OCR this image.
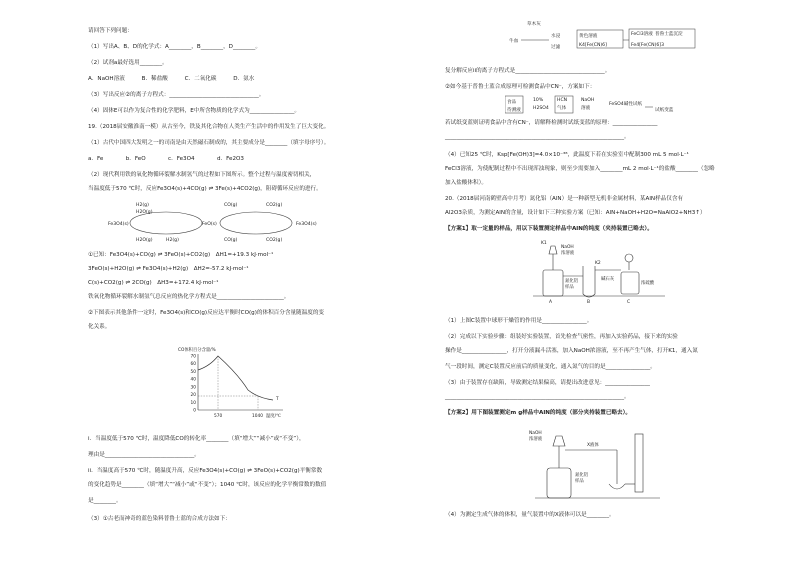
请回答下列问题：
（1）写出A、B、D的化学式：A________，B________，D________。
（2）试剂a最好选用________。
A．NaOH溶液　　　B．稀盐酸　　　C．二氧化碳　　　D．氨水
（3）写出反应②的离子方程式：________________________________。
（4）固体E可以作为复合性的化学肥料，E中所含物质的化学式为________________。
19.（2018届安徽淮南一模）从古至今，铁及其化合物在人类生产生活中的作用发生了巨大变化。
（1）古代中国四大发明之一的司南是由天然磁石制成的，其主要成分是________（填字母序号）。
a．Fe　　　　b．FeO　　　　c．Fe3O4　　　　d．Fe2O3
（2）现代利用铁的氧化物循环裂解水制氢气的过程如下图所示。整个过程与温度密切相关，
当温度低于570 ℃时，反应Fe3O4(s)+4CO(g) ⇌ 3Fe(s)+4CO2(g)，阻碍循环反应的进行。
H2(g)
H2O(g)
CO(g)	CO2(g)
Fe3O4(s)	FeO(s)	Fe3O4(s)
H2O(g)	H2(g)	CO(g)	CO2(g)
①已知：Fe3O4(s)+CO(g) ⇌ 3FeO(s)+CO2(g)　ΔH1=+19.3 kJ·mol⁻¹
3FeO(s)+H2O(g) ⇌ Fe3O4(s)+H2(g)　ΔH2=-57.2 kJ·mol⁻¹
C(s)+CO2(g) ⇌ 2CO(g)　ΔH3=+172.4 kJ·mol⁻¹
铁氧化物循环裂解水制氢气总反应的热化学方程式是________________________。
②下图表示其他条件一定时，Fe3O4(s)和CO(g)反应达平衡时CO(g)的体积百分含量随温度的变
化关系。
CO体积百分含量/%
70
60
50
40
30
20
10
0
570	1040 温度/℃
T
i．当温度低于570 ℃时，温度降低CO的转化率________（填“增大”“减小”或“不变”），
理由是________________________________。
ii．当温度高于570 ℃时，随温度升高，反应Fe3O4(s)+CO(g) ⇌ 3FeO(s)+CO2(g)平衡常数
的变化趋势是________（填“增大”“减小”或“不变”）；1040 ℃时，该反应的化学平衡常数的数值
是________。
（3）①古老而神奇的蓝色染料普鲁士蓝的合成方法如下：
草木灰
牛血
水浸
过滤
黄色溶液
K4[Fe(CN)6]
FeCl3溶液
Fe4[Fe(CN)6]3
普鲁士蓝沉淀
复分解反应ii的离子方程式是________________________________。
②如今基于普鲁士蓝合成原理可检测食品中CN⁻，方案如下：
食品
待测液
10%
H2SO4
HCN
气体
NaOH
溶液
FeSO4碱性试纸
试纸变蓝
若试纸变蓝则证明食品中含有CN⁻，请解释检测时试纸变蓝的原理：________________
________________________________________________________________。
（4）已知25 ℃时，Ksp[Fe(OH)3]=4.0×10⁻³⁸，此温度下若在实验室中配制300 mL 5 mol·L⁻¹
FeCl3溶液，为使配制过程中不出现浑浊现象，则至少需要加入________mL 2 mol·L⁻¹的盐酸________（忽略
加入盐酸体积）。
20.（2018届河南鹤壁高中月考）氮化铝（AlN）是一种新型无机非金属材料，某AlN样品仅含有
Al2O3杂质，为测定AlN的含量，设计如下三种实验方案（已知：AlN+NaOH+H2O=NaAlO2+NH3↑）
【方案1】取一定量的样品，用以下装置测定样品中AlN的纯度（夹持装置已略去）。
K1
NaOH
浓溶液
氮化铝
样品
K2
碱石灰
浓硫酸
A	B	C
（1）上图C装置中球形干燥管的作用是________________。
（2）完成以下实验步骤：组装好实验装置，首先检查气密性，再加入实验药品，接下来的实验
操作是________________，打开分液漏斗活塞，加入NaOH浓溶液，至不再产生气体，打开K1，通入氮
气一段时间，测定C装置反应前后的质量变化，通入氮气的目的是________________。
（3）由于装置存在缺陷，导致测定结果偏高，请提出改进意见：________________
________________________________________________________________。
【方案2】用下图装置测定m g样品中AlN的纯度（部分夹持装置已略去）。
NaOH
浓溶液
X液体
氮化铝
样品
（4）为测定生成气体的体积，量气装置中的X液体可以是________。
